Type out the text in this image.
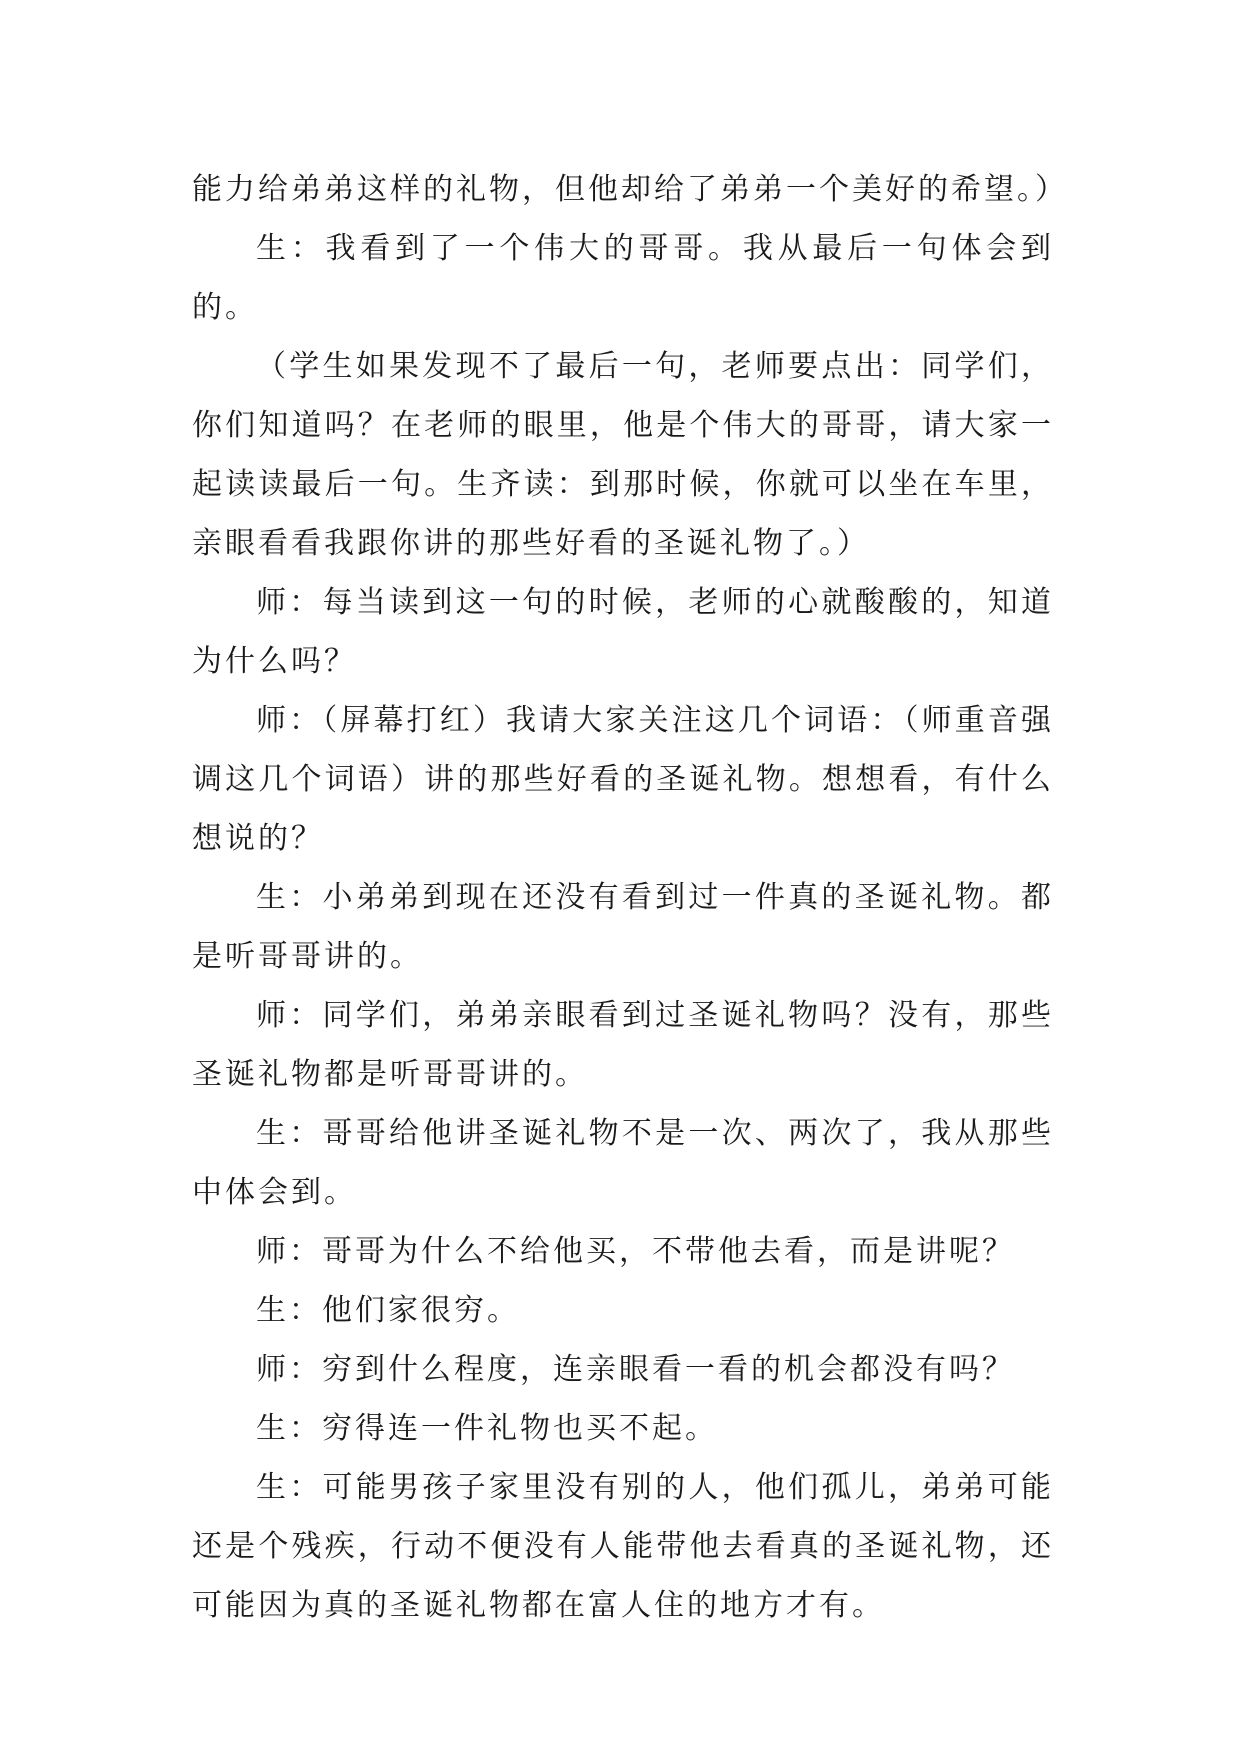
能力给弟弟这样的礼物，但他却给了弟弟一个美好的希望。）

生：我看到了一个伟大的哥哥。我从最后一句体会到的。

（学生如果发现不了最后一句，老师要点出：同学们，你们知道吗？在老师的眼里，他是个伟大的哥哥，请大家一起读读最后一句。生齐读：到那时候，你就可以坐在车里，亲眼看看我跟你讲的那些好看的圣诞礼物了。）

师：每当读到这一句的时候，老师的心就酸酸的，知道为什么吗？

师：（屏幕打红）我请大家关注这几个词语：（师重音强调这几个词语）讲的那些好看的圣诞礼物。想想看，有什么想说的？

生：小弟弟到现在还没有看到过一件真的圣诞礼物。都是听哥哥讲的。

师：同学们，弟弟亲眼看到过圣诞礼物吗？没有，那些圣诞礼物都是听哥哥讲的。

生：哥哥给他讲圣诞礼物不是一次、两次了，我从那些中体会到。

师：哥哥为什么不给他买，不带他去看，而是讲呢？

生：他们家很穷。

师：穷到什么程度，连亲眼看一看的机会都没有吗？

生：穷得连一件礼物也买不起。

生：可能男孩子家里没有别的人，他们孤儿，弟弟可能还是个残疾，行动不便没有人能带他去看真的圣诞礼物，还可能因为真的圣诞礼物都在富人住的地方才有。
